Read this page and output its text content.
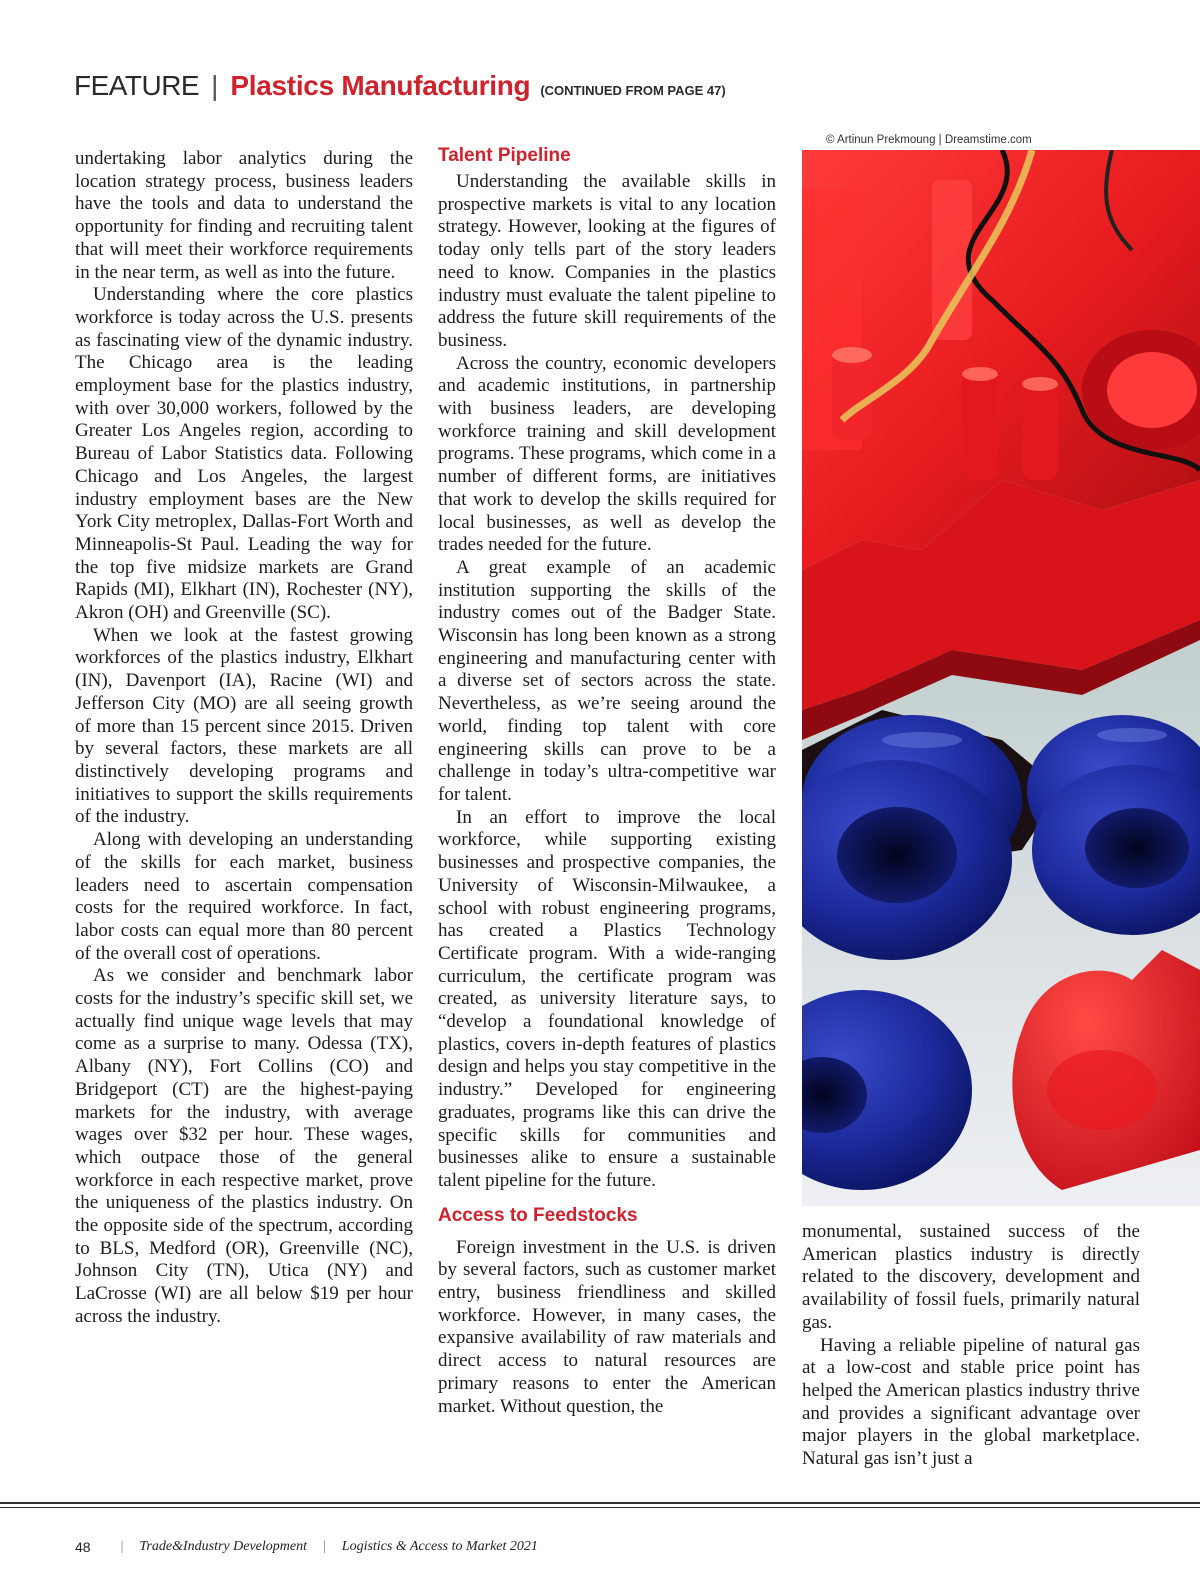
FEATURE | Plastics Manufacturing (CONTINUED FROM PAGE 47)

undertaking labor analytics during the location strategy process, business leaders have the tools and data to understand the opportunity for finding and recruiting talent that will meet their workforce requirements in the near term, as well as into the future.

Understanding where the core plastics workforce is today across the U.S. presents as fascinating view of the dynamic industry. The Chicago area is the leading employment base for the plastics industry, with over 30,000 workers, followed by the Greater Los Angeles region, according to Bureau of Labor Statistics data. Following Chicago and Los Angeles, the largest industry employment bases are the New York City metroplex, Dallas-Fort Worth and Minneapolis-St Paul. Leading the way for the top five midsize markets are Grand Rapids (MI), Elkhart (IN), Rochester (NY), Akron (OH) and Greenville (SC).

When we look at the fastest growing workforces of the plastics industry, Elkhart (IN), Davenport (IA), Racine (WI) and Jefferson City (MO) are all seeing growth of more than 15 percent since 2015. Driven by several factors, these markets are all distinctively developing programs and initiatives to support the skills requirements of the industry.

Along with developing an understanding of the skills for each market, business leaders need to ascertain compensation costs for the required workforce. In fact, labor costs can equal more than 80 percent of the overall cost of operations.

As we consider and benchmark labor costs for the industry’s specific skill set, we actually find unique wage levels that may come as a surprise to many. Odessa (TX), Albany (NY), Fort Collins (CO) and Bridgeport (CT) are the highest-paying markets for the industry, with average wages over $32 per hour. These wages, which outpace those of the general workforce in each respective market, prove the uniqueness of the plastics industry. On the opposite side of the spectrum, according to BLS, Medford (OR), Greenville (NC), Johnson City (TN), Utica (NY) and LaCrosse (WI) are all below $19 per hour across the industry.

Talent Pipeline

Understanding the available skills in prospective markets is vital to any location strategy. However, looking at the figures of today only tells part of the story leaders need to know. Companies in the plastics industry must evaluate the talent pipeline to address the future skill requirements of the business.

Across the country, economic developers and academic institutions, in partnership with business leaders, are developing workforce training and skill development programs. These programs, which come in a number of different forms, are initiatives that work to develop the skills required for local businesses, as well as develop the trades needed for the future.

A great example of an academic institution supporting the skills of the industry comes out of the Badger State. Wisconsin has long been known as a strong engineering and manufacturing center with a diverse set of sectors across the state. Nevertheless, as we’re seeing around the world, finding top talent with core engineering skills can prove to be a challenge in today’s ultra-competitive war for talent.

In an effort to improve the local workforce, while supporting existing businesses and prospective companies, the University of Wisconsin-Milwaukee, a school with robust engineering programs, has created a Plastics Technology Certificate program. With a wide-ranging curriculum, the certificate program was created, as university literature says, to “develop a foundational knowledge of plastics, covers in-depth features of plastics design and helps you stay competitive in the industry.” Developed for engineering graduates, programs like this can drive the specific skills for communities and businesses alike to ensure a sustainable talent pipeline for the future.

Access to Feedstocks

Foreign investment in the U.S. is driven by several factors, such as customer market entry, business friendliness and skilled workforce. However, in many cases, the expansive availability of raw materials and direct access to natural resources are primary reasons to enter the American market. Without question, the

© Artinun Prekmoung | Dreamstime.com

monumental, sustained success of the American plastics industry is directly related to the discovery, development and availability of fossil fuels, primarily natural gas.

Having a reliable pipeline of natural gas at a low-cost and stable price point has helped the American plastics industry thrive and provides a significant advantage over major players in the global marketplace. Natural gas isn’t just a

48 | Trade&Industry Development | Logistics & Access to Market 2021
